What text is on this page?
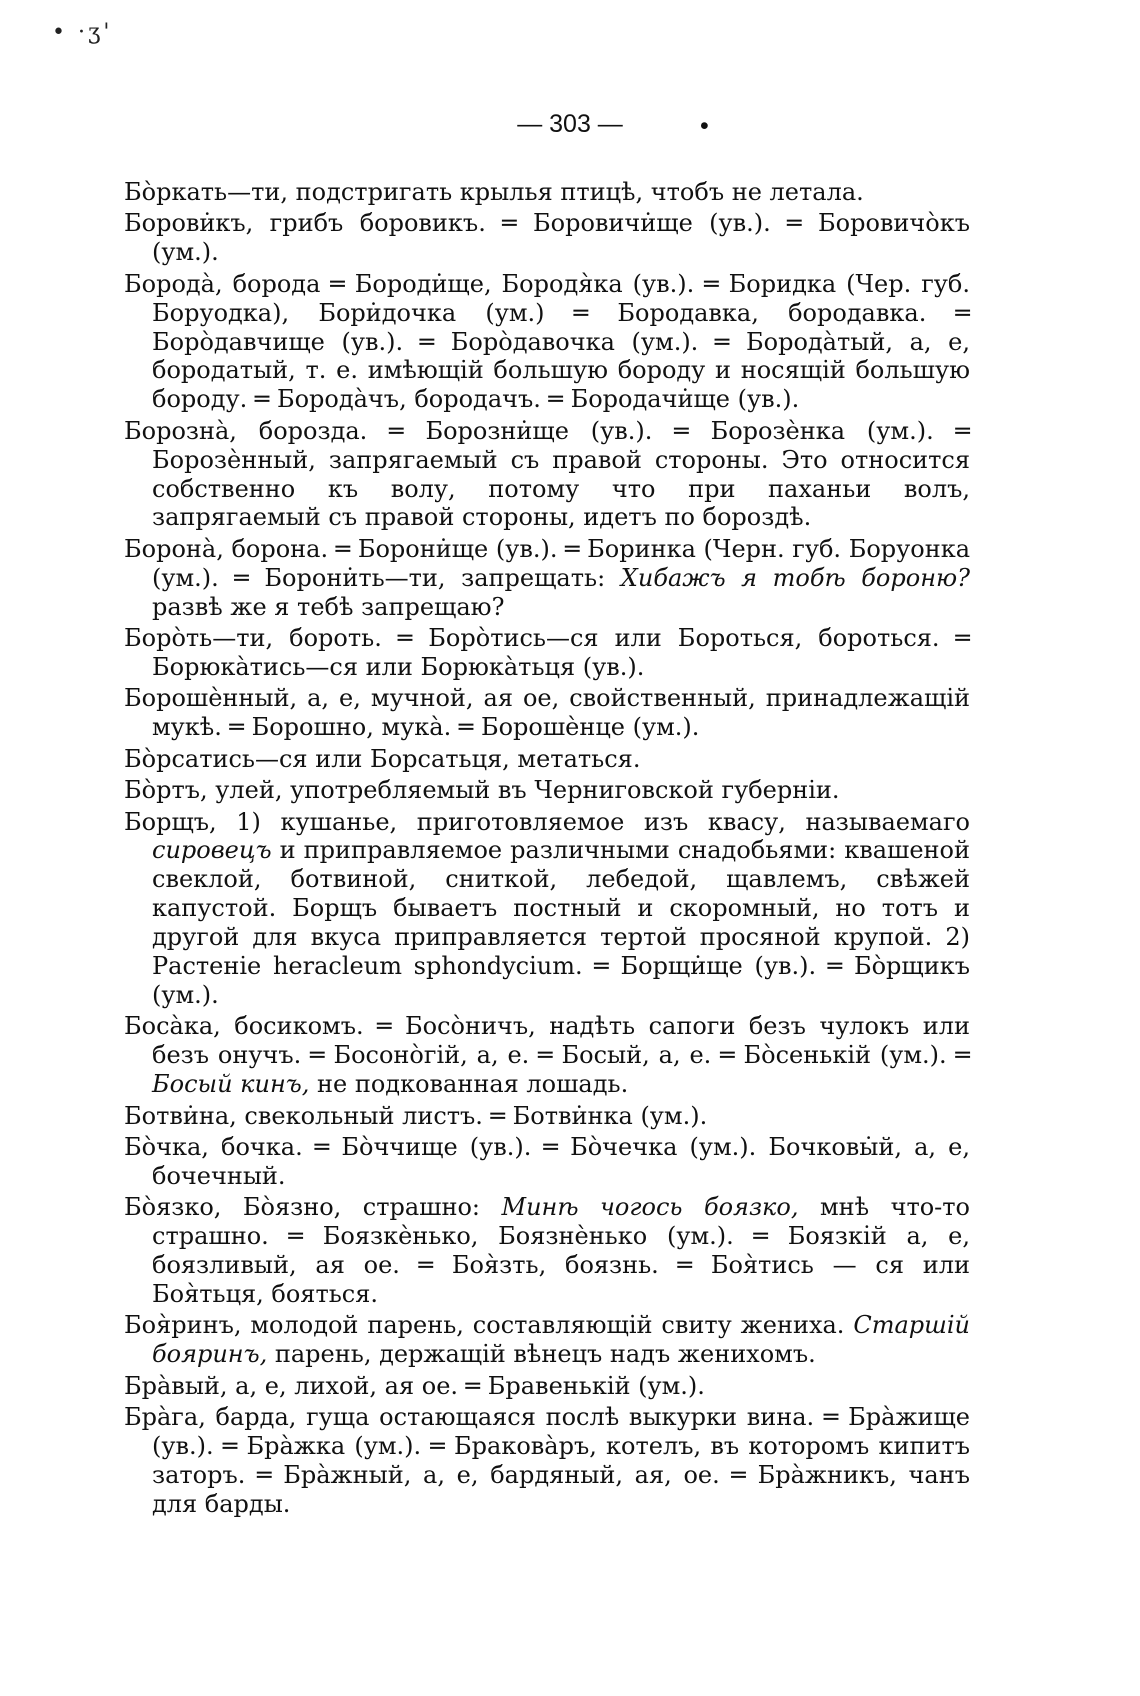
• ·ʒ'
— 303 —	•

Бо̀ркать—ти, подстригать крылья птицѣ, чтобъ не летала.

Борови̇къ, грибъ боровикъ. ═ Боровичи̇ще (ув.). ═ Боровичо̀къ (ум.).

Борода̀, борода ═ Бороди̇ще, Бородя̀ка (ув.). ═ Боридка (Чер. губ. Боруодка), Бори̇дочка (ум.) ═ Бородавка, бородавка. ═ Боро̀давчище (ув.). ═ Боро̀давочка (ум.). ═ Борода̀тый, а, е, бородатый, т. е. имѣющій большую бороду и носящій большую бороду. ═ Борода̀чъ, бородачъ. ═ Бородачи̇ще (ув.).

Борозна̀, борозда. ═ Борозни̇ще (ув.). ═ Борозѐнка (ум.). ═ Борозѐнный, запрягаемый съ правой стороны. Это относится собственно къ волу, потому что при паханьи волъ, запрягаемый съ правой стороны, идетъ по бороздѣ.

Борона̀, борона. ═ Борони̇ще (ув.). ═ Боринка (Черн. губ. Боруонка (ум.). ═ Борони̇ть—ти, запрещать: Хибажъ я тобѣ бороню? развѣ же я тебѣ запрещаю?

Боро̀ть—ти, бороть. ═ Боро̀тись—ся или Бороться, бороться. ═ Борюка̀тись—ся или Борюка̀тьця (ув.).

Борошѐнный, а, е, мучной, ая ое, свойственный, принадлежащій мукѣ. ═ Борошно, мука̀. ═ Борошѐнце (ум.).

Бо̀рсатись—ся или Борсатьця, метаться.

Бо̀ртъ, улей, употребляемый въ Черниговской губерніи.

Борщъ, 1) кушанье, приготовляемое изъ квасу, называемаго сировецъ и приправляемое различными снадобьями: квашеной свеклой, ботвиной, сниткой, лебедой, щавлемъ, свѣжей капустой. Борщъ бываетъ постный и скоромный, но тотъ и другой для вкуса приправляется тертой просяной крупой. 2) Растеніе heracleum sphondycium. ═ Борщи̇ще (ув.). ═ Бо̀рщикъ (ум.).

Боса̀ка, босикомъ. ═ Босо̀ничъ, надѣть сапоги безъ чулокъ или безъ онучъ. ═ Босоно̀гій, а, е. ═ Босый, а, е. ═ Бо̀сенькій (ум.). ═ Босый кинъ, не подкованная лошадь.

Ботви̇на, свекольный листъ. ═ Ботви̇нка (ум.).

Бо̀чка, бочка. ═ Бо̀ччище (ув.). ═ Бо̀чечка (ум.). Бочковы̇й, а, е, бочечный.

Бо̀язко, Бо̀язно, страшно: Минѣ чогось боязко, мнѣ что-то страшно. ═ Боязкѐнько, Боязнѐнько (ум.). ═ Боязкі̇й а, е, боязливый, ая ое. ═ Боя̀зть, боязнь. ═ Боя̀тись — ся или Боя̀тьця, бояться.

Боя̀ринъ, молодой парень, составляющій свиту жениха. Старшій бояринъ, парень, держащій вѣнецъ надъ женихомъ.

Бра̀вый, а, е, лихой, ая ое. ═ Бравенькій (ум.).

Бра̀га, барда, гуща остающаяся послѣ выкурки вина. ═ Бра̀жище (ув.). ═ Бра̀жка (ум.). ═ Бракова̀ръ, котелъ, въ которомъ кипитъ заторъ. ═ Бра̀жный, а, е, бардяный, ая, ое. ═ Бра̀жникъ, чанъ для барды.
